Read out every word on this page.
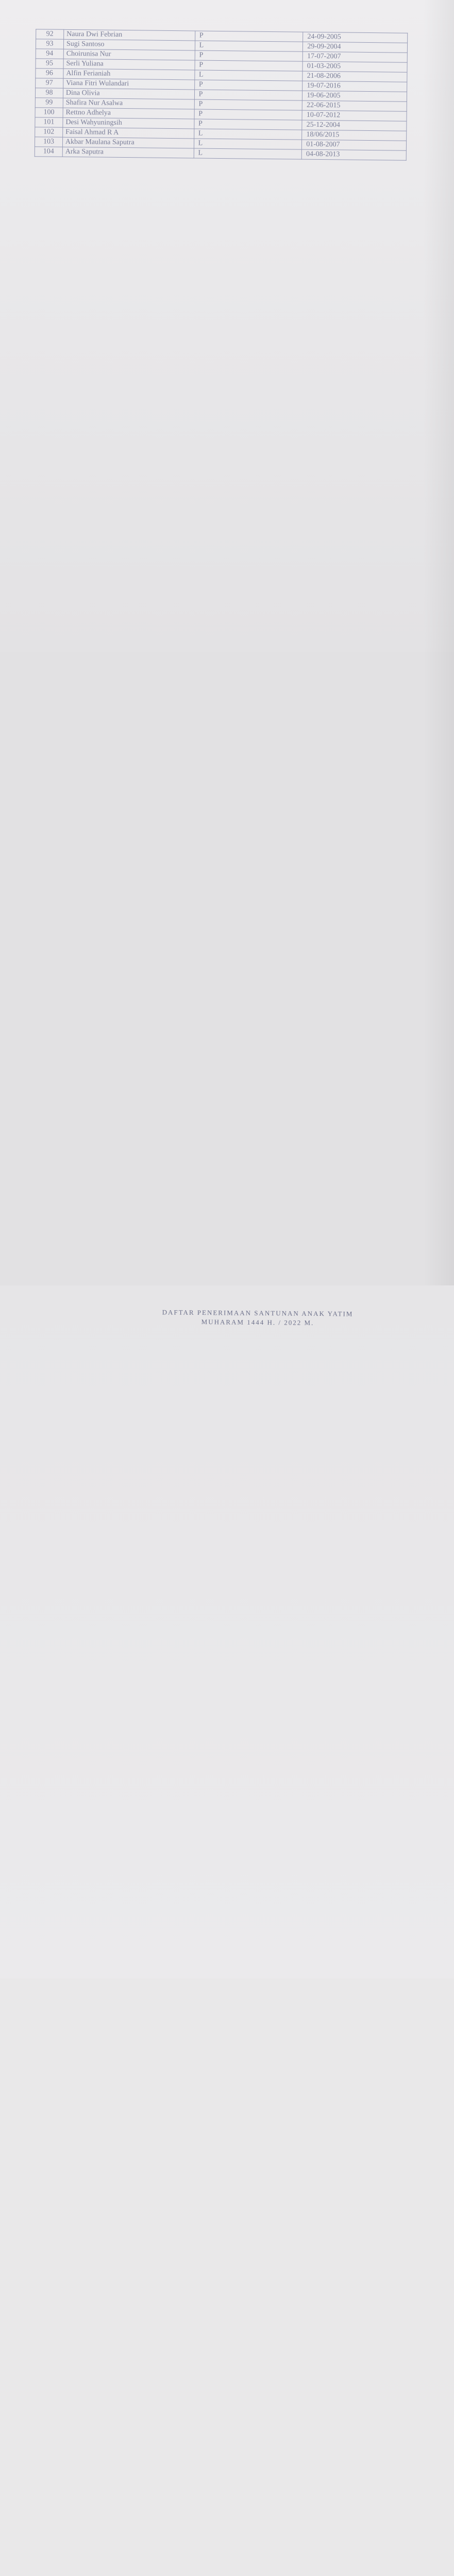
92	Naura Dwi Febrian	P	24-09-2005
93	Sugi Santoso	L	29-09-2004
94	Choirunisa Nur	P	17-07-2007
95	Serli Yuliana	P	01-03-2005
96	Alfin Ferianiah	L	21-08-2006
97	Viana Fitri Wulandari	P	19-07-2016
98	Dina Olivia	P	19-06-2005
99	Shafira Nur Asalwa	P	22-06-2015
100	Rettno Adhelya	P	10-07-2012
101	Desi Wahyuningsih	P	25-12-2004
102	Faisal Ahmad R A	L	18/06/2015
103	Akbar Maulana Saputra	L	01-08-2007
104	Arka Saputra	L	04-08-2013

DAFTAR PENERIMAAN SANTUNAN ANAK YATIM
MUHARAM 1444 H. / 2022 M.
